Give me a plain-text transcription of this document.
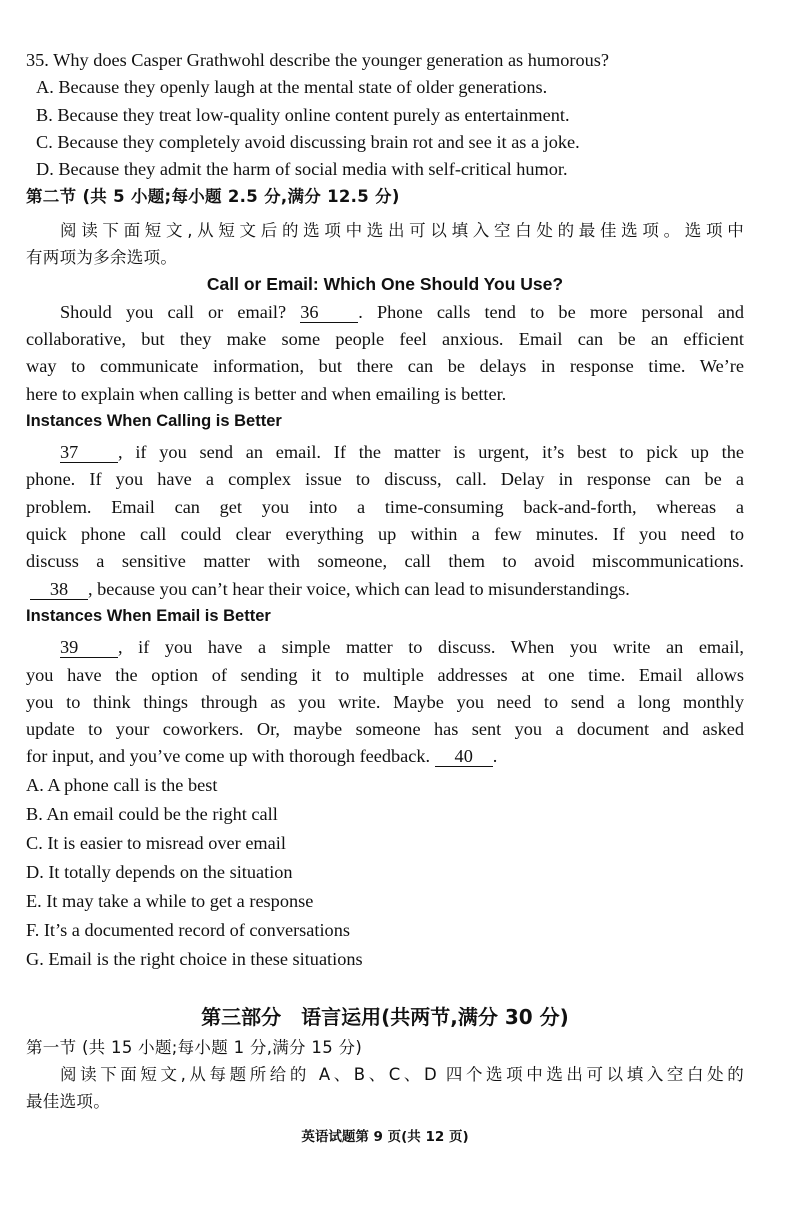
35. Why does Casper Grathwohl describe the younger generation as humorous?
A. Because they openly laugh at the mental state of older generations.
B. Because they treat low-quality online content purely as entertainment.
C. Because they completely avoid discussing brain rot and see it as a joke.
D. Because they admit the harm of social media with self-critical humor.
第二节 (共 5 小题;每小题 2.5 分,满分 12.5 分)
阅读下面短文,从短文后的选项中选出可以填入空白处的最佳选项。选项中
有两项为多余选项。
Call or Email: Which One Should You Use?
Should you call or email? 36 . Phone calls tend to be more personal and
collaborative, but they make some people feel anxious. Email can be an efficient
way to communicate information, but there can be delays in response time. We’re
here to explain when calling is better and when emailing is better.
Instances When Calling is Better
37 , if you send an email. If the matter is urgent, it’s best to pick up the
phone. If you have a complex issue to discuss, call. Delay in response can be a
problem. Email can get you into a time-consuming back-and-forth, whereas a
quick phone call could clear everything up within a few minutes. If you need to
discuss a sensitive matter with someone, call them to avoid miscommunications.
38 , because you can’t hear their voice, which can lead to misunderstandings.
Instances When Email is Better
39 , if you have a simple matter to discuss. When you write an email,
you have the option of sending it to multiple addresses at one time. Email allows
you to think things through as you write. Maybe you need to send a long monthly
update to your coworkers. Or, maybe someone has sent you a document and asked
for input, and you’ve come up with thorough feedback. 40 .
A. A phone call is the best
B. An email could be the right call
C. It is easier to misread over email
D. It totally depends on the situation
E. It may take a while to get a response
F. It’s a documented record of conversations
G. Email is the right choice in these situations
第三部分　语言运用(共两节,满分 30 分)
第一节 (共 15 小题;每小题 1 分,满分 15 分)
阅读下面短文,从每题所给的 A、B、C、D 四个选项中选出可以填入空白处的
最佳选项。
英语试题第 9 页(共 12 页)
